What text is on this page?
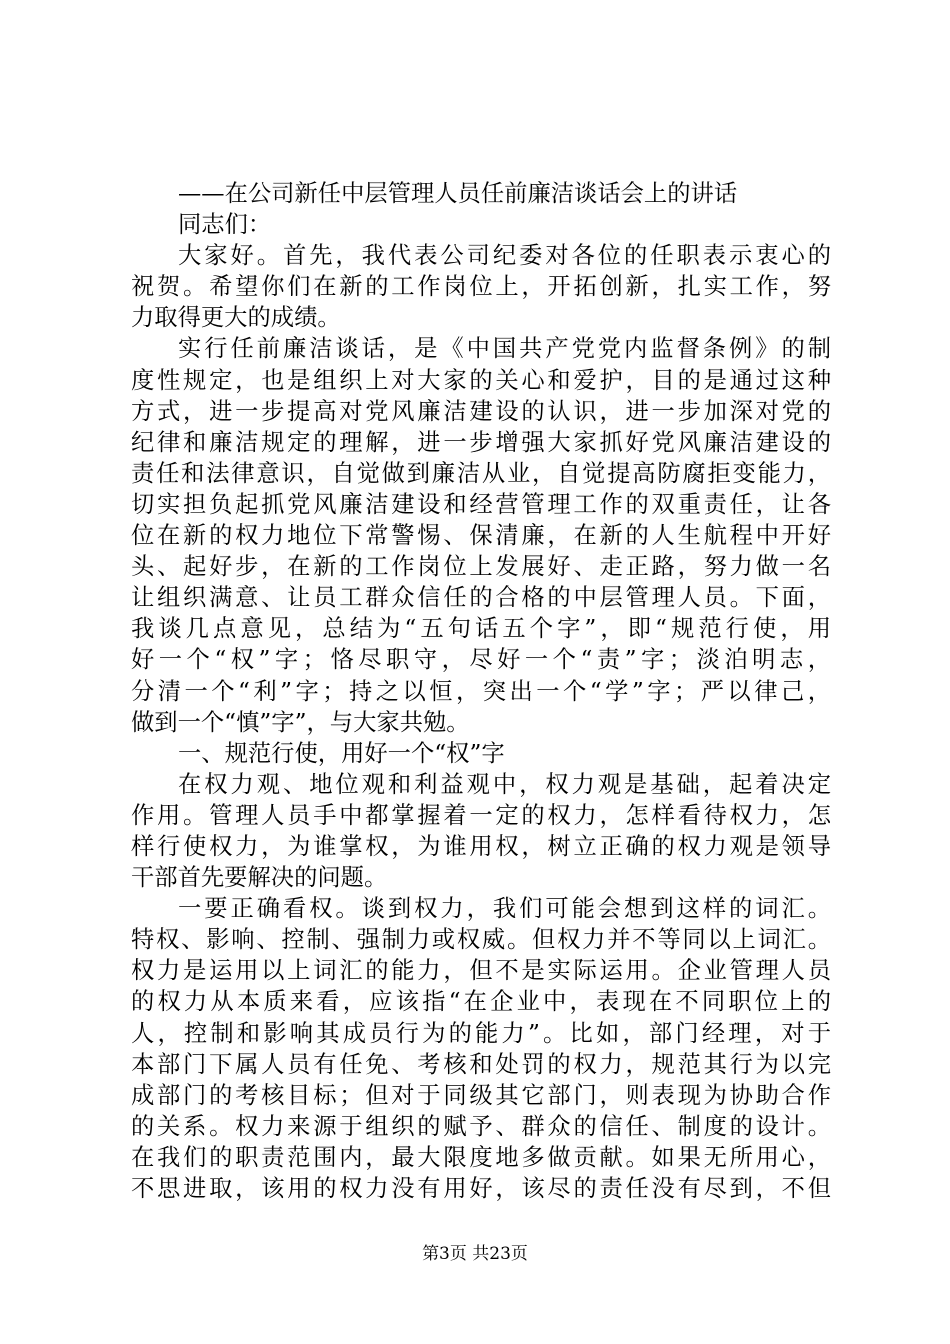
——在公司新任中层管理人员任前廉洁谈话会上的讲话
同志们：
大家好。首先，我代表公司纪委对各位的任职表示衷心的
祝贺。希望你们在新的工作岗位上，开拓创新，扎实工作，努
力取得更大的成绩。
实行任前廉洁谈话，是《中国共产党党内监督条例》的制
度性规定，也是组织上对大家的关心和爱护，目的是通过这种
方式，进一步提高对党风廉洁建设的认识，进一步加深对党的
纪律和廉洁规定的理解，进一步增强大家抓好党风廉洁建设的
责任和法律意识，自觉做到廉洁从业，自觉提高防腐拒变能力，
切实担负起抓党风廉洁建设和经营管理工作的双重责任，让各
位在新的权力地位下常警惕、保清廉，在新的人生航程中开好
头、起好步，在新的工作岗位上发展好、走正路，努力做一名
让组织满意、让员工群众信任的合格的中层管理人员。下面，
我谈几点意见，总结为“五句话五个字”，即“规范行使，用
好一个“权”字；恪尽职守，尽好一个“责”字；淡泊明志，
分清一个“利”字；持之以恒，突出一个“学”字；严以律己，
做到一个“慎”字”，与大家共勉。
一、规范行使，用好一个“权”字
在权力观、地位观和利益观中，权力观是基础，起着决定
作用。管理人员手中都掌握着一定的权力，怎样看待权力，怎
样行使权力，为谁掌权，为谁用权，树立正确的权力观是领导
干部首先要解决的问题。
一要正确看权。谈到权力，我们可能会想到这样的词汇。
特权、影响、控制、强制力或权威。但权力并不等同以上词汇。
权力是运用以上词汇的能力，但不是实际运用。企业管理人员
的权力从本质来看，应该指“在企业中，表现在不同职位上的
人，控制和影响其成员行为的能力”。比如，部门经理，对于
本部门下属人员有任免、考核和处罚的权力，规范其行为以完
成部门的考核目标；但对于同级其它部门，则表现为协助合作
的关系。权力来源于组织的赋予、群众的信任、制度的设计。
在我们的职责范围内，最大限度地多做贡献。如果无所用心，
不思进取，该用的权力没有用好，该尽的责任没有尽到，不但
第3页 共23页
